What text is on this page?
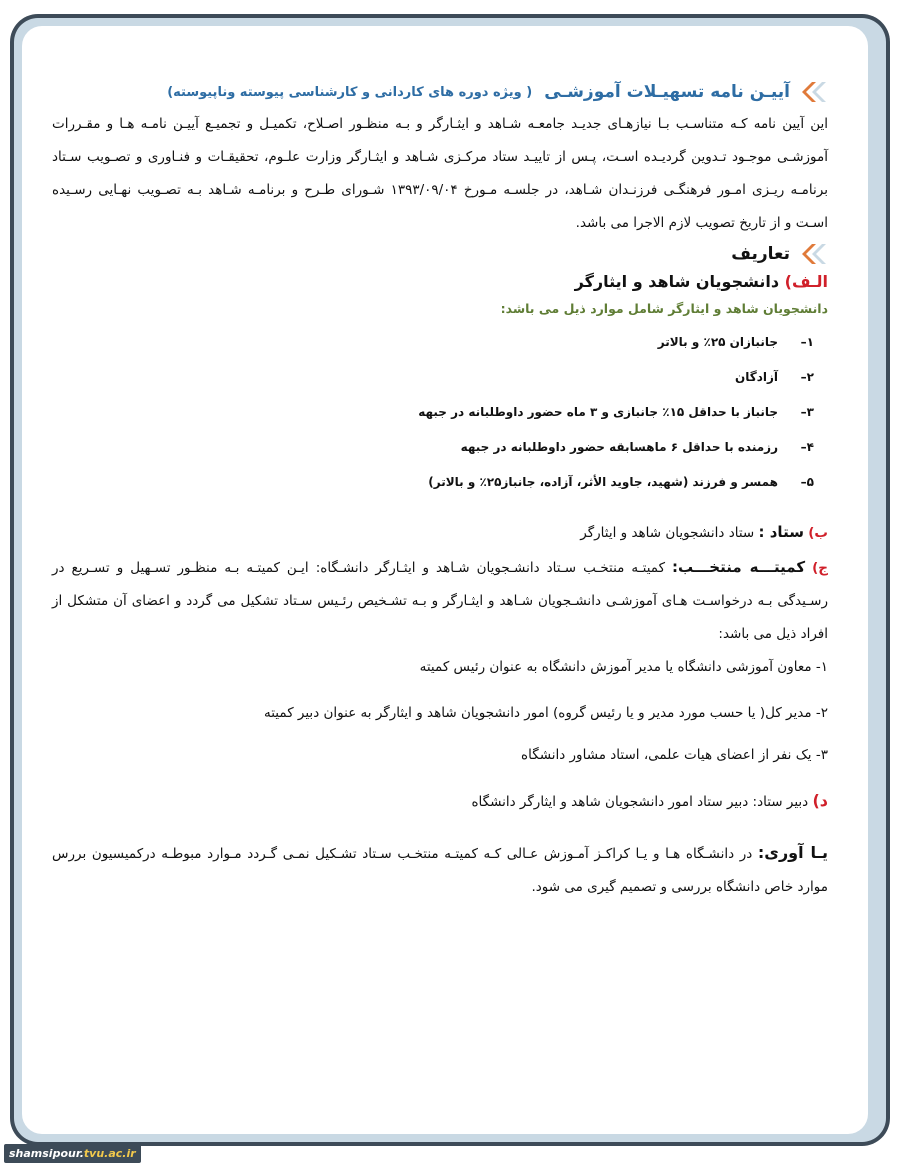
آییـن نامه تسهیـلات آموزشـی
( ویژه دوره های کاردانی و کارشناسی پیوسته وناپیوسته)

این آیین نامه کـه متناسـب بـا نیازهـای جدیـد جامعـه شـاهد و ایثـارگر و بـه منظـور اصـلاح، تکمیـل و تجمیـع آییـن نامـه هـا و مقـررات آموزشـی موجـود تـدوین گردیـده اسـت، پـس از تاییـد ستاد مرکـزی شـاهد و ایثـارگر وزارت علـوم، تحقیقـات و فنـاوری و تصـویب سـتاد برنامـه ریـزی امـور فرهنگـی فرزنـدان شـاهد، در جلسـه مـورخ ۱۳۹۳/۰۹/۰۴ شـورای طـرح و برنامـه شـاهد بـه تصـویب نهـایی رسـیده اسـت و از تاریخ تصویب لازم الاجرا می باشد.

تعاریف
الـف) دانشجویان شاهد و ایثارگر
دانشجویان شاهد و ایثارگر شامل موارد ذیل می باشد:
۱–جانبازان ۲۵٪ و بالاتر
۲–آزادگان
۳–جانباز با حداقل ۱۵٪ جانبازی و ۳ ماه حضور داوطلبانه در جبهه
۴–رزمنده با حداقل ۶ ماهسابقه حضور داوطلبانه در جبهه
۵–همسر و فرزند (شهید، جاوید الأثر، آزاده، جانباز۲۵٪ و بالاتر)
ب) ستاد : ستاد دانشجویان شاهد و ایثارگر
ج) کمیتـــه منتخـــب: کمیتـه منتخـب سـتاد دانشـجویان شـاهد و ایثـارگر دانشـگاه: ایـن کمیتـه بـه منظـور تسـهیل و تسـریع در رسـیدگی بـه درخواسـت هـای آموزشـی دانشـجویان شـاهد و ایثـارگر و بـه تشـخیص رئـیس سـتاد تشکیل می گردد و اعضای آن متشکل از افراد ذیل می باشد:
۱- معاون آموزشی دانشگاه یا مدیر آموزش دانشگاه به عنوان رئیس کمیته
۲- مدیر کل( یا حسب مورد مدیر و یا رئیس گروه) امور دانشجویان شاهد و ایثارگر به عنوان دبیر کمیته
۳- یک نفر از اعضای هیات علمی، استاد مشاور دانشگاه
د) دبیر ستاد: دبیر ستاد امور دانشجویان شاهد و ایثارگر دانشگاه
یـا آوری: در دانشـگاه هـا و یـا کراکـز آمـوزش عـالی کـه کمیتـه منتخـب سـتاد تشـکیل نمـی گـردد مـوارد مبوطـه درکمیسیون بررس موارد خاص دانشگاه بررسی و تصمیم گیری می شود.
shamsipour.tvu.ac.ir
